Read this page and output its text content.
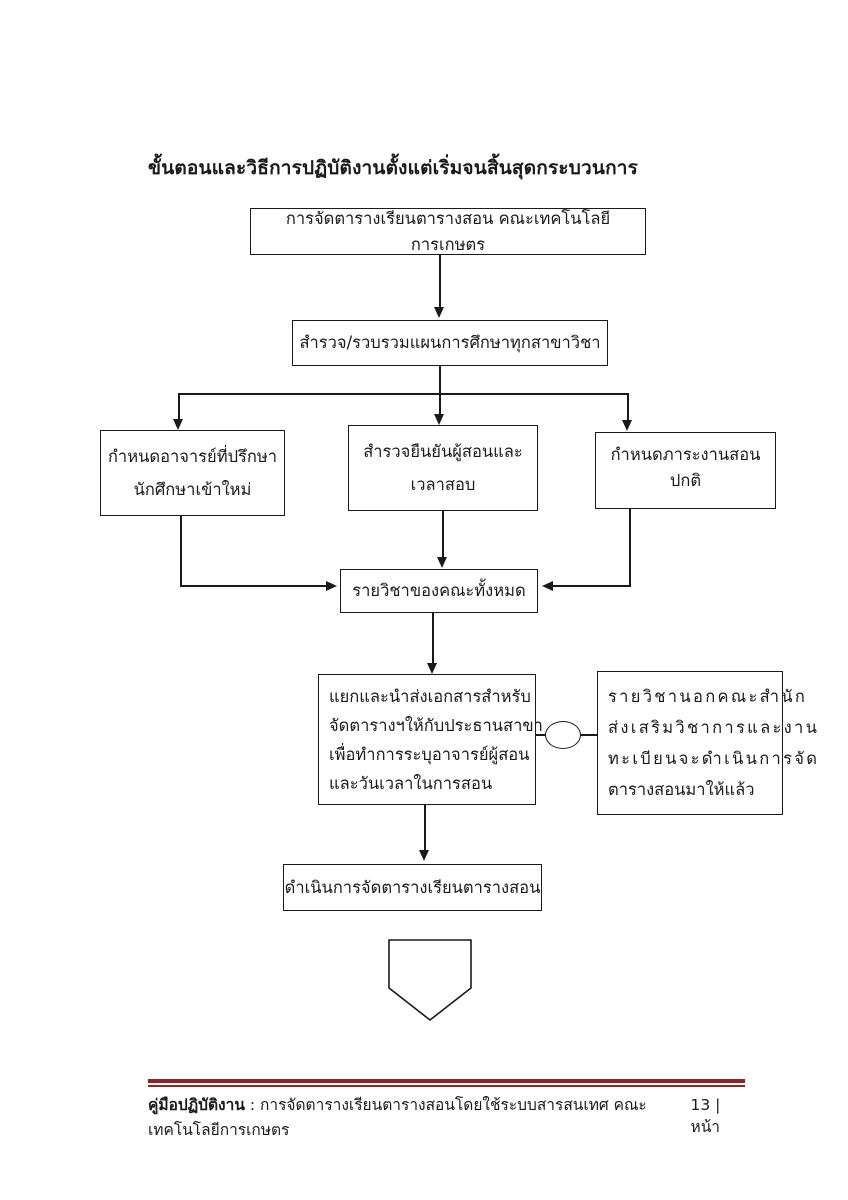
ขั้นตอนและวิธีการปฏิบัติงานตั้งแต่เริ่มจนสิ้นสุดกระบวนการ
การจัดตารางเรียนตารางสอน คณะเทคโนโลยีการเกษตร
สำรวจ/รวบรวมแผนการศึกษาทุกสาขาวิชา
กำหนดอาจารย์ที่ปรึกษา
นักศึกษาเข้าใหม่
สำรวจยืนยันผู้สอนและ
เวลาสอบ
กำหนดภาระงานสอนปกติ
รายวิชาของคณะทั้งหมด
แยกและนำส่งเอกสารสำหรับ
จัดตารางฯให้กับประธานสาขา
เพื่อทำการระบุอาจารย์ผู้สอน
และวันเวลาในการสอน
รายวิชานอกคณะสำนัก
ส่งเสริมวิชาการและงาน
ทะเบียนจะดำเนินการจัด
ตารางสอนมาให้แล้ว
ดำเนินการจัดตารางเรียนตารางสอน
คู่มือปฏิบัติงาน : การจัดตารางเรียนตารางสอนโดยใช้ระบบสารสนเทศ คณะเทคโนโลยีการเกษตร
13 | หน้า
